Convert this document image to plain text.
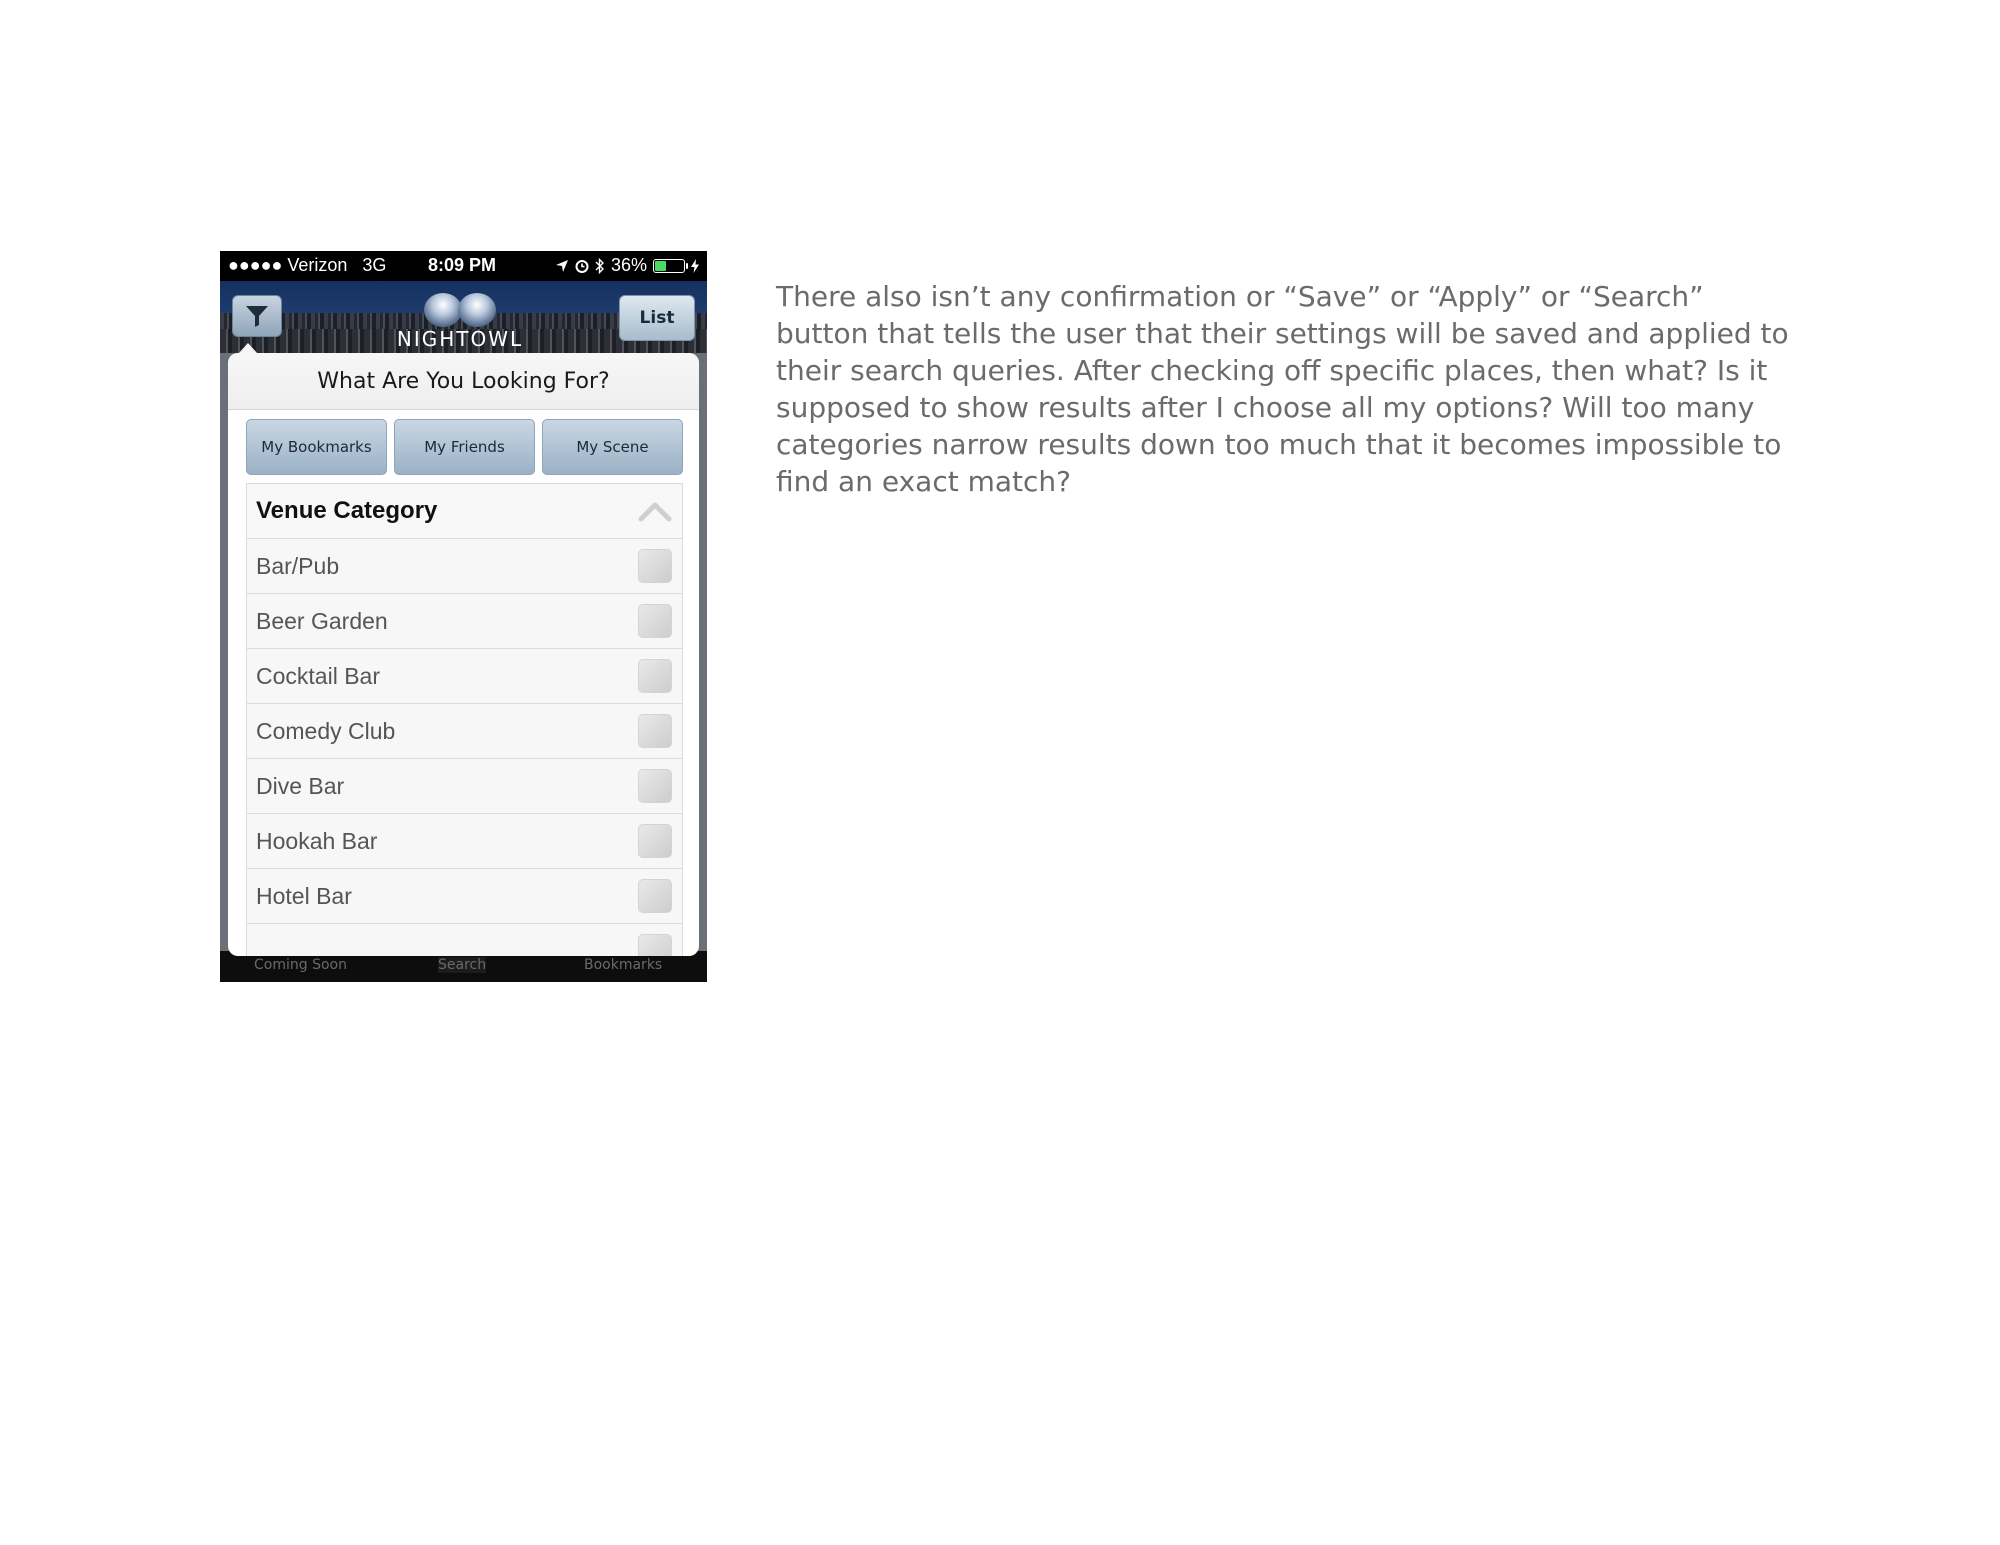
●●●●● Verizon 3G 8:09 PM	36%
NIGHTOWL
List
Coming Soon	Search	Bookmarks
What Are You Looking For?
My Bookmarks	My Friends	My Scene
Venue Category
Bar/Pub
Beer Garden
Cocktail Bar
Comedy Club
Dive Bar
Hookah Bar
Hotel Bar
There also isn’t any confirmation or “Save” or “Apply” or “Search” button that tells the user that their settings will be saved and applied to their search queries. After checking off specific places, then what? Is it supposed to show results after I choose all my options? Will too many categories narrow results down too much that it becomes impossible to find an exact match?
